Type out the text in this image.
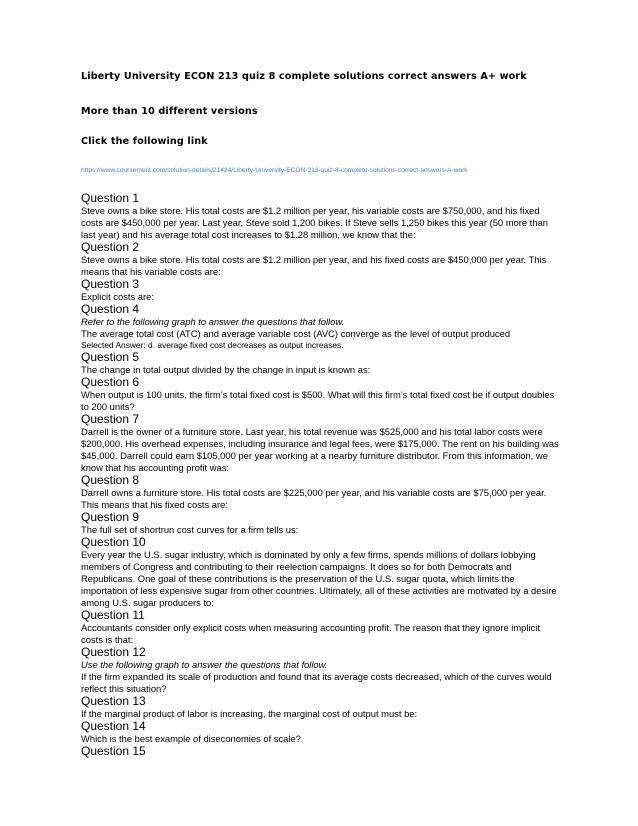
Liberty University ECON 213 quiz 8 complete solutions correct answers A+ work
More than 10 different versions
Click the following link
https://www.coursemerit.com/solution-details/21424/Liberty-University-ECON-213-quiz-8-complete-solutions-correct-answers-A-work
Question 1
Steve owns a bike store. His total costs are $1.2 million per year, his variable costs are $750,000, and his fixed costs are $450,000 per year. Last year, Steve sold 1,200 bikes. If Steve sells 1,250 bikes this year (50 more than last year) and his average total cost increases to $1.28 million, we know that the:
Question 2
Steve owns a bike store. His total costs are $1.2 million per year, and his fixed costs are $450,000 per year. This means that his variable costs are:
Question 3
Explicit costs are:
Question 4
Refer to the following graph to answer the questions that follow.
The average total cost (ATC) and average variable cost (AVC) converge as the level of output produced
Selected Answer: d. average fixed cost decreases as output increases.
Question 5
The change in total output divided by the change in input is known as:
Question 6
When output is 100 units, the firm’s total fixed cost is $500. What will this firm’s total fixed cost be if output doubles to 200 units?
Question 7
Darrell is the owner of a furniture store. Last year, his total revenue was $525,000 and his total labor costs were $200,000. His overhead expenses, including insurance and legal fees, were $175,000. The rent on his building was $45,000. Darrell could earn $105,000 per year working at a nearby furniture distributor. From this information, we know that his accounting profit was:
Question 8
Darrell owns a furniture store. His total costs are $225,000 per year, and his variable costs are $75,000 per year. This means that his fixed costs are:
Question 9
The full set of shortrun cost curves for a firm tells us:
Question 10
Every year the U.S. sugar industry, which is dominated by only a few firms, spends millions of dollars lobbying members of Congress and contributing to their reelection campaigns. It does so for both Democrats and Republicans. One goal of these contributions is the preservation of the U.S. sugar quota, which limits the importation of less expensive sugar from other countries. Ultimately, all of these activities are motivated by a desire among U.S. sugar producers to:
Question 11
Accountants consider only explicit costs when measuring accounting profit. The reason that they ignore implicit costs is that:
Question 12
Use the following graph to answer the questions that follow.
If the firm expanded its scale of production and found that its average costs decreased, which of the curves would reflect this situation?
Question 13
If the marginal product of labor is increasing, the marginal cost of output must be:
Question 14
Which is the best example of diseconomies of scale?
Question 15
